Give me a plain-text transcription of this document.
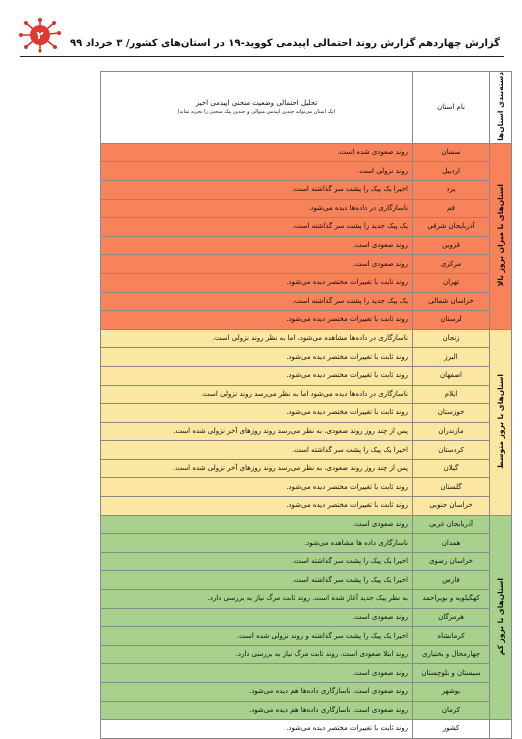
گزارش چهاردهم
گزارش روند احتمالی اپیدمی کووید-۱۹ در استان‌های کشور/ ۳ خرداد ۹۹
۲
دسته‌بندی استان‌ها	نام استان	تحلیل احتمالی وضعیت منحنی اپیدمی اخیر
(یک استان می‌تواند چندین اپیدمی متوالی و چندین پیک منحنی را تجربه نماید)

استان‌های با میزان بروز بالا	سمنان	روند صعودی شده است.
	اردبیل	روند نزولی است.
	یزد	اخیرا یک پیک را پشت سر گذاشته است.
	قم	ناسازگاری در داده‌ها دیده می‌شود.
	آذربایجان شرقی	یک پیک جدید را پشت سر گذاشته است.
	قزوین	روند صعودی است.
	مرکزی	روند صعودی است.
	تهران	روند ثابت با تغییرات مختصر دیده می‌شود.
	خراسان شمالی	یک پیک جدید را پشت سر گذاشته است.
	لرستان	روند ثابت با تغییرات مختصر دیده می‌شود.
استان‌های با بروز متوسط	زنجان	ناسازگاری در داده‌ها مشاهده می‌شود، اما به نظر روند نزولی است.
	البرز	روند ثابت با تغییرات مختصر دیده می‌شود.
	اصفهان	روند ثابت با تغییرات مختصر دیده می‌شود.
	ایلام	ناسازگاری در داده‌ها دیده می‌شود اما به نظر می‌رسد روند نزولی است.
	خوزستان	روند ثابت با تغییرات مختصر دیده می‌شود.
	مازندران	پس از چند روز روند صعودی، به نظر می‌رسد روند روزهای آخر نزولی شده است.
	کردستان	اخیرا یک پیک را پشت سر گذاشته است.
	گیلان	پس از چند روز روند صعودی، به نظر می‌رسد روند روزهای آخر نزولی شده است.
	گلستان	روند ثابت با تغییرات مختصر دیده می‌شود.
	خراسان جنوبی	روند ثابت با تغییرات مختصر دیده می‌شود.
استان‌های با بروز کم	آذربایجان غربی	روند صعودی است.
	همدان	ناسازگاری داده ها مشاهده می‌شود.
	خراسان رضوی	اخیرا یک پیک را پشت سر گذاشته است.
	فارس	اخیرا یک پیک را پشت سر گذاشته است.
	کهگیلویه و بویراحمد	به نظر پیک جدید آغاز شده است. روند ثابت مرگ نیاز به بررسی دارد.
	هرمزگان	روند صعودی است.
	کرمانشاه	اخیرا یک پیک را پشت سر گذاشته و روند نزولی شده است.
	چهارمحال و بختیاری	روند ابتلا صعودی است. روند ثابت مرگ نیاز به بررسی دارد.
	سیستان و بلوچستان	روند صعودی است.
	بوشهر	روند صعودی است. ناسازگاری داده‌ها هم دیده می‌شود.
	کرمان	روند صعودی است. ناسازگاری داده‌ها هم دیده می‌شود.
	کشور	روند ثابت با تغییرات مختصر دیده می‌شود.
